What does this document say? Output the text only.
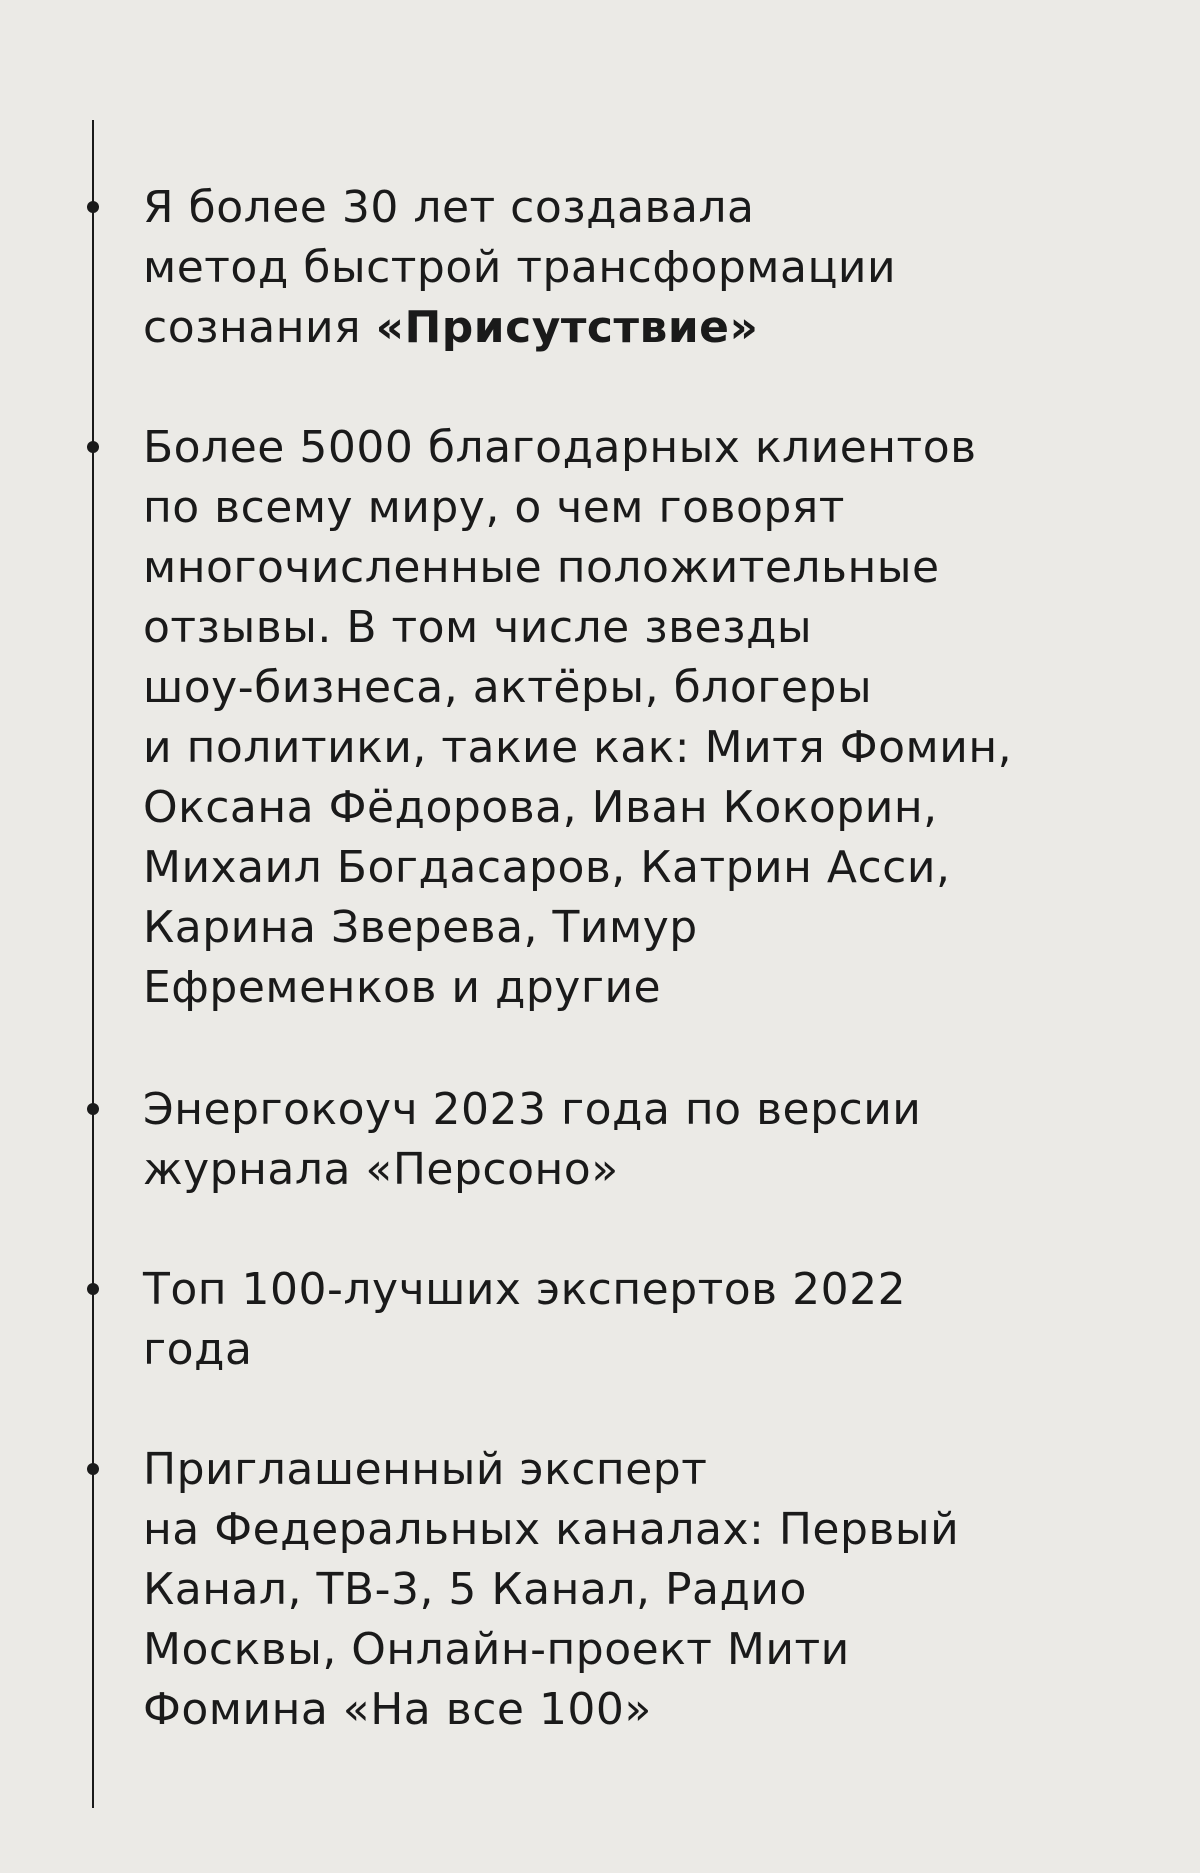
Я более 30 лет создавала
метод быстрой трансформации
сознания «Присутствие»
Более 5000 благодарных клиентов
по всему миру, о чем говорят
многочисленные положительные
отзывы. В том числе звезды
шоу-бизнеса, актёры, блогеры
и политики, такие как: Митя Фомин,
Оксана Фёдорова, Иван Кокорин,
Михаил Богдасаров, Катрин Асси,
Карина Зверева, Тимур
Ефременков и другие
Энергокоуч 2023 года по версии
журнала «Персоно»
Топ 100-лучших экспертов 2022
года
Приглашенный эксперт
на Федеральных каналах: Первый
Канал, ТВ-3, 5 Канал, Радио
Москвы, Онлайн-проект Мити
Фомина «На все 100»
